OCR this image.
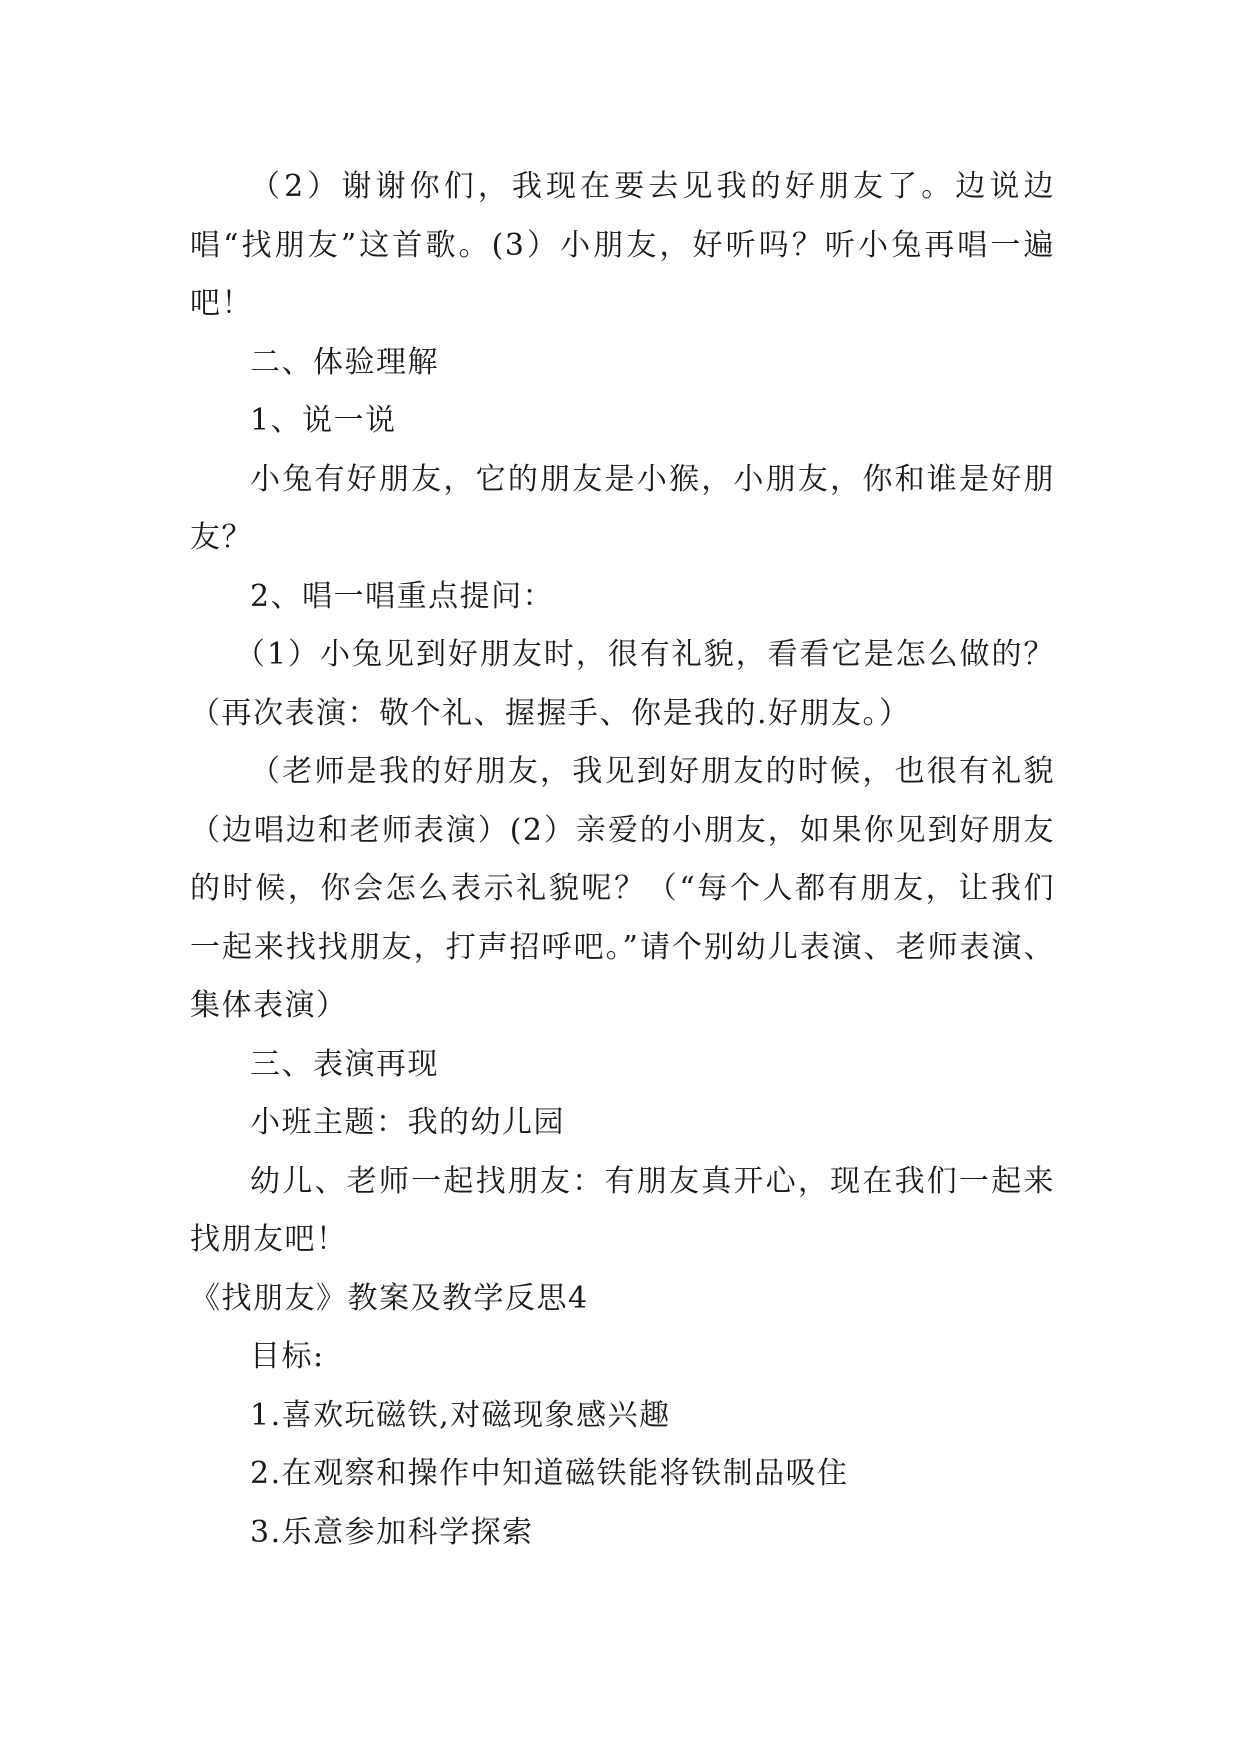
（2）谢谢你们，我现在要去见我的好朋友了。边说边唱“找朋友”这首歌。(3）小朋友，好听吗？听小兔再唱一遍吧！

二、体验理解

1、说一说

小兔有好朋友，它的朋友是小猴，小朋友，你和谁是好朋友？

2、唱一唱重点提问：

（1）小兔见到好朋友时，很有礼貌，看看它是怎么做的？（再次表演：敬个礼、握握手、你是我的.好朋友。）

（老师是我的好朋友，我见到好朋友的时候，也很有礼貌（边唱边和老师表演）(2）亲爱的小朋友，如果你见到好朋友的时候，你会怎么表示礼貌呢？（“每个人都有朋友，让我们一起来找找朋友，打声招呼吧。”请个别幼儿表演、老师表演、集体表演）

三、表演再现

小班主题：我的幼儿园

幼儿、老师一起找朋友：有朋友真开心，现在我们一起来找朋友吧！

《找朋友》教案及教学反思4

目标:

1.喜欢玩磁铁,对磁现象感兴趣

2.在观察和操作中知道磁铁能将铁制品吸住

3.乐意参加科学探索
